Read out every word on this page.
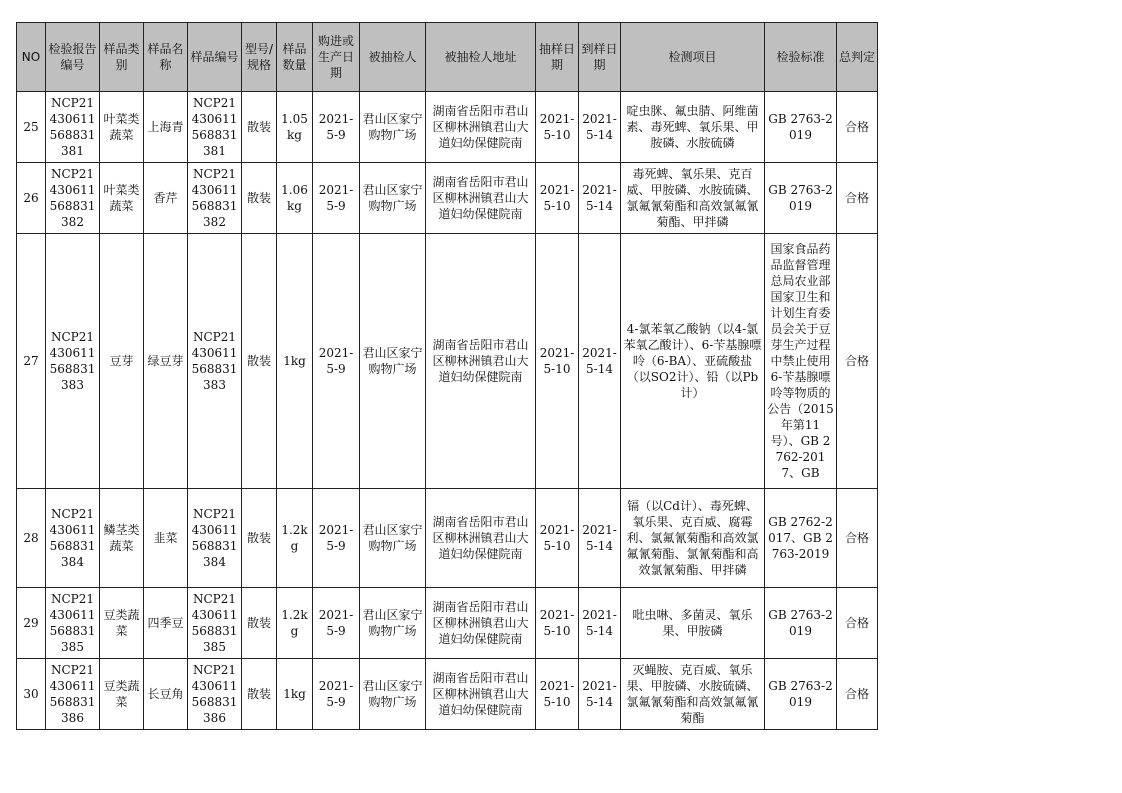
NO	检验报告编号	样品类别	样品名称	样品编号	型号/规格	样品数量	购进或生产日期	被抽检人	被抽检人地址	抽样日期	到样日期	检测项目	检验标准	总判定
25	NCP21430611568831381	叶菜类蔬菜	上海青	NCP21430611568831381	散装	1.05kg	2021-5-9	君山区家宁购物广场	湖南省岳阳市君山区柳林洲镇君山大道妇幼保健院南	2021-5-10	2021-5-14	啶虫脒、氟虫腈、阿维菌素、毒死蜱、氧乐果、甲胺磷、水胺硫磷	GB 2763-2019	合格
26	NCP21430611568831382	叶菜类蔬菜	香芹	NCP21430611568831382	散装	1.06kg	2021-5-9	君山区家宁购物广场	湖南省岳阳市君山区柳林洲镇君山大道妇幼保健院南	2021-5-10	2021-5-14	毒死蜱、氧乐果、克百威、甲胺磷、水胺硫磷、氯氟氰菊酯和高效氯氟氰菊酯、甲拌磷	GB 2763-2019	合格
27	NCP21430611568831383	豆芽	绿豆芽	NCP21430611568831383	散装	1kg	2021-5-9	君山区家宁购物广场	湖南省岳阳市君山区柳林洲镇君山大道妇幼保健院南	2021-5-10	2021-5-14	4-氯苯氧乙酸钠（以4-氯苯氧乙酸计）、6-苄基腺嘌呤（6-BA）、亚硫酸盐（以SO2计）、铅（以Pb计）	国家食品药品监督管理总局农业部国家卫生和计划生育委员会关于豆芽生产过程中禁止使用6-苄基腺嘌呤等物质的公告（2015年第11号）、GB 2762-2017、GB	合格
28	NCP21430611568831384	鳞茎类蔬菜	韭菜	NCP21430611568831384	散装	1.2kg	2021-5-9	君山区家宁购物广场	湖南省岳阳市君山区柳林洲镇君山大道妇幼保健院南	2021-5-10	2021-5-14	镉（以Cd计）、毒死蜱、氧乐果、克百威、腐霉利、氯氟氰菊酯和高效氯氟氰菊酯、氯氰菊酯和高效氯氰菊酯、甲拌磷	GB 2762-2017、GB 2763-2019	合格
29	NCP21430611568831385	豆类蔬菜	四季豆	NCP21430611568831385	散装	1.2kg	2021-5-9	君山区家宁购物广场	湖南省岳阳市君山区柳林洲镇君山大道妇幼保健院南	2021-5-10	2021-5-14	吡虫啉、多菌灵、氧乐果、甲胺磷	GB 2763-2019	合格
30	NCP21430611568831386	豆类蔬菜	长豆角	NCP21430611568831386	散装	1kg	2021-5-9	君山区家宁购物广场	湖南省岳阳市君山区柳林洲镇君山大道妇幼保健院南	2021-5-10	2021-5-14	灭蝇胺、克百威、氧乐果、甲胺磷、水胺硫磷、氯氟氰菊酯和高效氯氟氰菊酯	GB 2763-2019	合格
